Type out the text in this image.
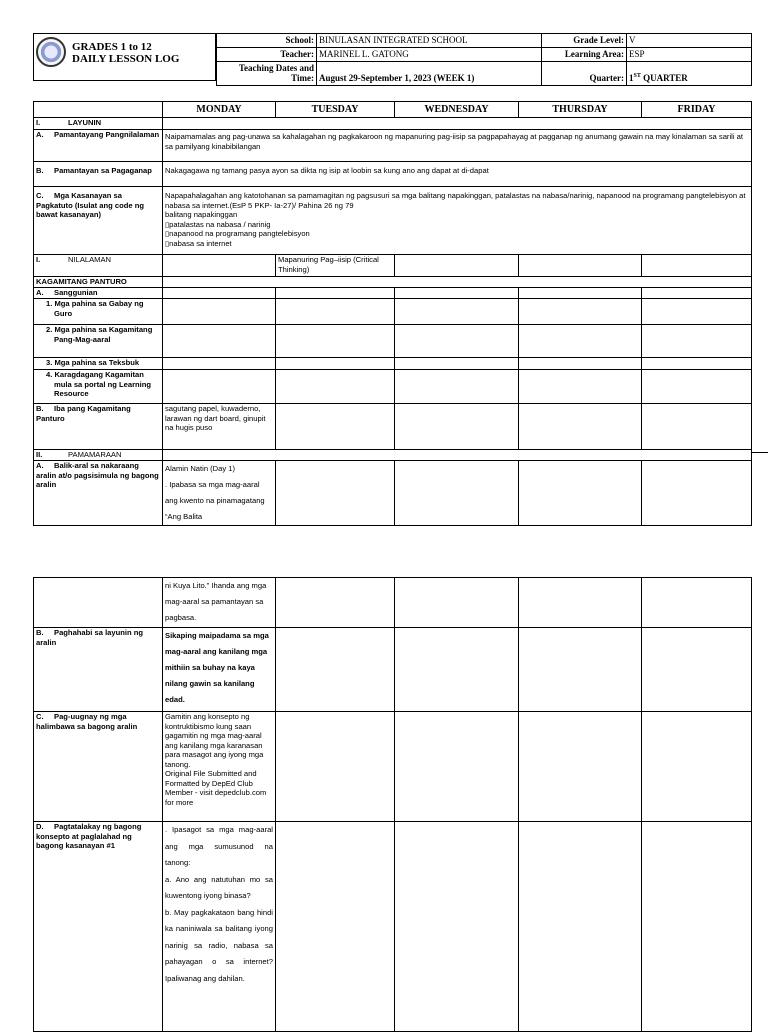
GRADES 1 to 12
DAILY LESSON LOG
School:	BINULASAN INTEGRATED SCHOOL	Grade Level:	V
Teacher:	MARINEL L. GATONG	Learning Area:	ESP

Teaching Dates and
Time:	August 29-September 1, 2023 (WEEK 1)	Quarter:	1ST QUARTER
	MONDAY	TUESDAY	WEDNESDAY	THURSDAY	FRIDAY
I. LAYUNIN					
A. Pamantayang Pangnilalaman	Naipamamalas ang pag-unawa sa kahalagahan ng pagkakaroon ng mapanuring pag-iisip sa pagpapahayag at pagganap ng anumang gawain na may kinalaman sa sarili at sa pamilyang kinabibilangan				
B. Pamantayan sa Pagaganap	Nakagagawa ng tamang pasya ayon sa dikta ng isip at loobin sa kung ano ang dapat at di-dapat				
C. Mga Kasanayan sa Pagkatuto (Isulat ang code ng bawat kasanayan)	Napapahalagahan ang katotohanan sa pamamagitan ng pagsusuri sa mga balitang napakinggan, patalastas na nabasa/narinig, napanood na programang pangtelebisyon at nabasa sa internet.(EsP 5 PKP- Ia-27)/ Pahina 26 ng 79
balitang napakinggan
▯patalastas na nabasa / narinig
▯napanood na programang pangtelebisyon
▯nabasa sa internet				

I. NILALAMAN		Mapanuring Pag–iisip (Critical Thinking)			
KAGAMITANG PANTURO					
A. Sanggunian					
1. Mga pahina sa Gabay ng Guro					
2. Mga pahina sa Kagamitang Pang-Mag-aaral					
3. Mga pahina sa Teksbuk					
4. Karagdagang Kagamitan mula sa portal ng Learning Resource					
B. Iba pang Kagamitang Panturo	sagutang papel, kuwaderno, larawan ng dart board, ginupit na hugis puso				
II. PAMAMARAAN					
A. Balik-aral sa nakaraang aralin at/o pagsisimula ng bagong aralin	Alamin Natin (Day 1)
. Ipabasa sa mga mag-aaral ang kwento na pinamagatang “Ang Balita				

	ni Kuya Lito.” Ihanda ang mga mag-aaral sa pamantayan sa pagbasa.				
B. Paghahabi sa layunin ng aralin	Sikaping maipadama sa mga mag-aaral ang kanilang mga mithiin sa buhay na kaya nilang gawin sa kanilang edad.				
C. Pag-uugnay ng mga halimbawa sa bagong aralin	Gamitin ang konsepto ng kontruktibismo kung saan gagamitin ng mga mag-aaral ang kanilang mga karanasan para masagot ang iyong mga tanong.
Original File Submitted and Formatted by DepEd Club Member - visit depedclub.com for more				

D. Pagtatalakay ng bagong konsepto at paglalahad ng bagong kasanayan #1	. Ipasagot sa mga mag-aaral ang mga sumusunod na tanong:
a. Ano ang natutuhan mo sa kuwentong iyong binasa?
b. May pagkakataon bang hindi ka naniniwala sa balitang iyong narinig sa radio, nabasa sa pahayagan o sa internet? Ipaliwanag ang dahilan.				
